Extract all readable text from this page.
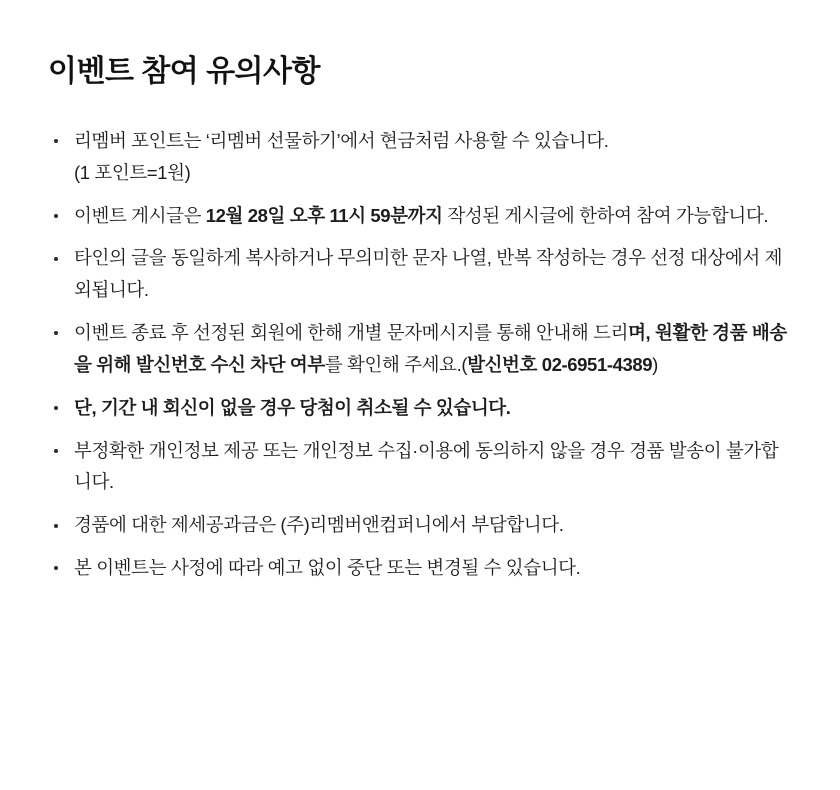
이벤트 참여 유의사항
리멤버 포인트는 ‘리멤버 선물하기’에서 현금처럼 사용할 수 있습니다.
(1 포인트=1원)
이벤트 게시글은 12월 28일 오후 11시 59분까지 작성된 게시글에 한하여 참여 가능합니다.
타인의 글을 동일하게 복사하거나 무의미한 문자 나열, 반복 작성하는 경우 선정 대상에서 제외됩니다.
이벤트 종료 후 선정된 회원에 한해 개별 문자메시지를 통해 안내해 드리며, 원활한 경품 배송을 위해 발신번호 수신 차단 여부를 확인해 주세요.(발신번호 02-6951-4389)
단, 기간 내 회신이 없을 경우 당첨이 취소될 수 있습니다.
부정확한 개인정보 제공 또는 개인정보 수집·이용에 동의하지 않을 경우 경품 발송이 불가합니다.
경품에 대한 제세공과금은 (주)리멤버앤컴퍼니에서 부담합니다.
본 이벤트는 사정에 따라 예고 없이 중단 또는 변경될 수 있습니다.
